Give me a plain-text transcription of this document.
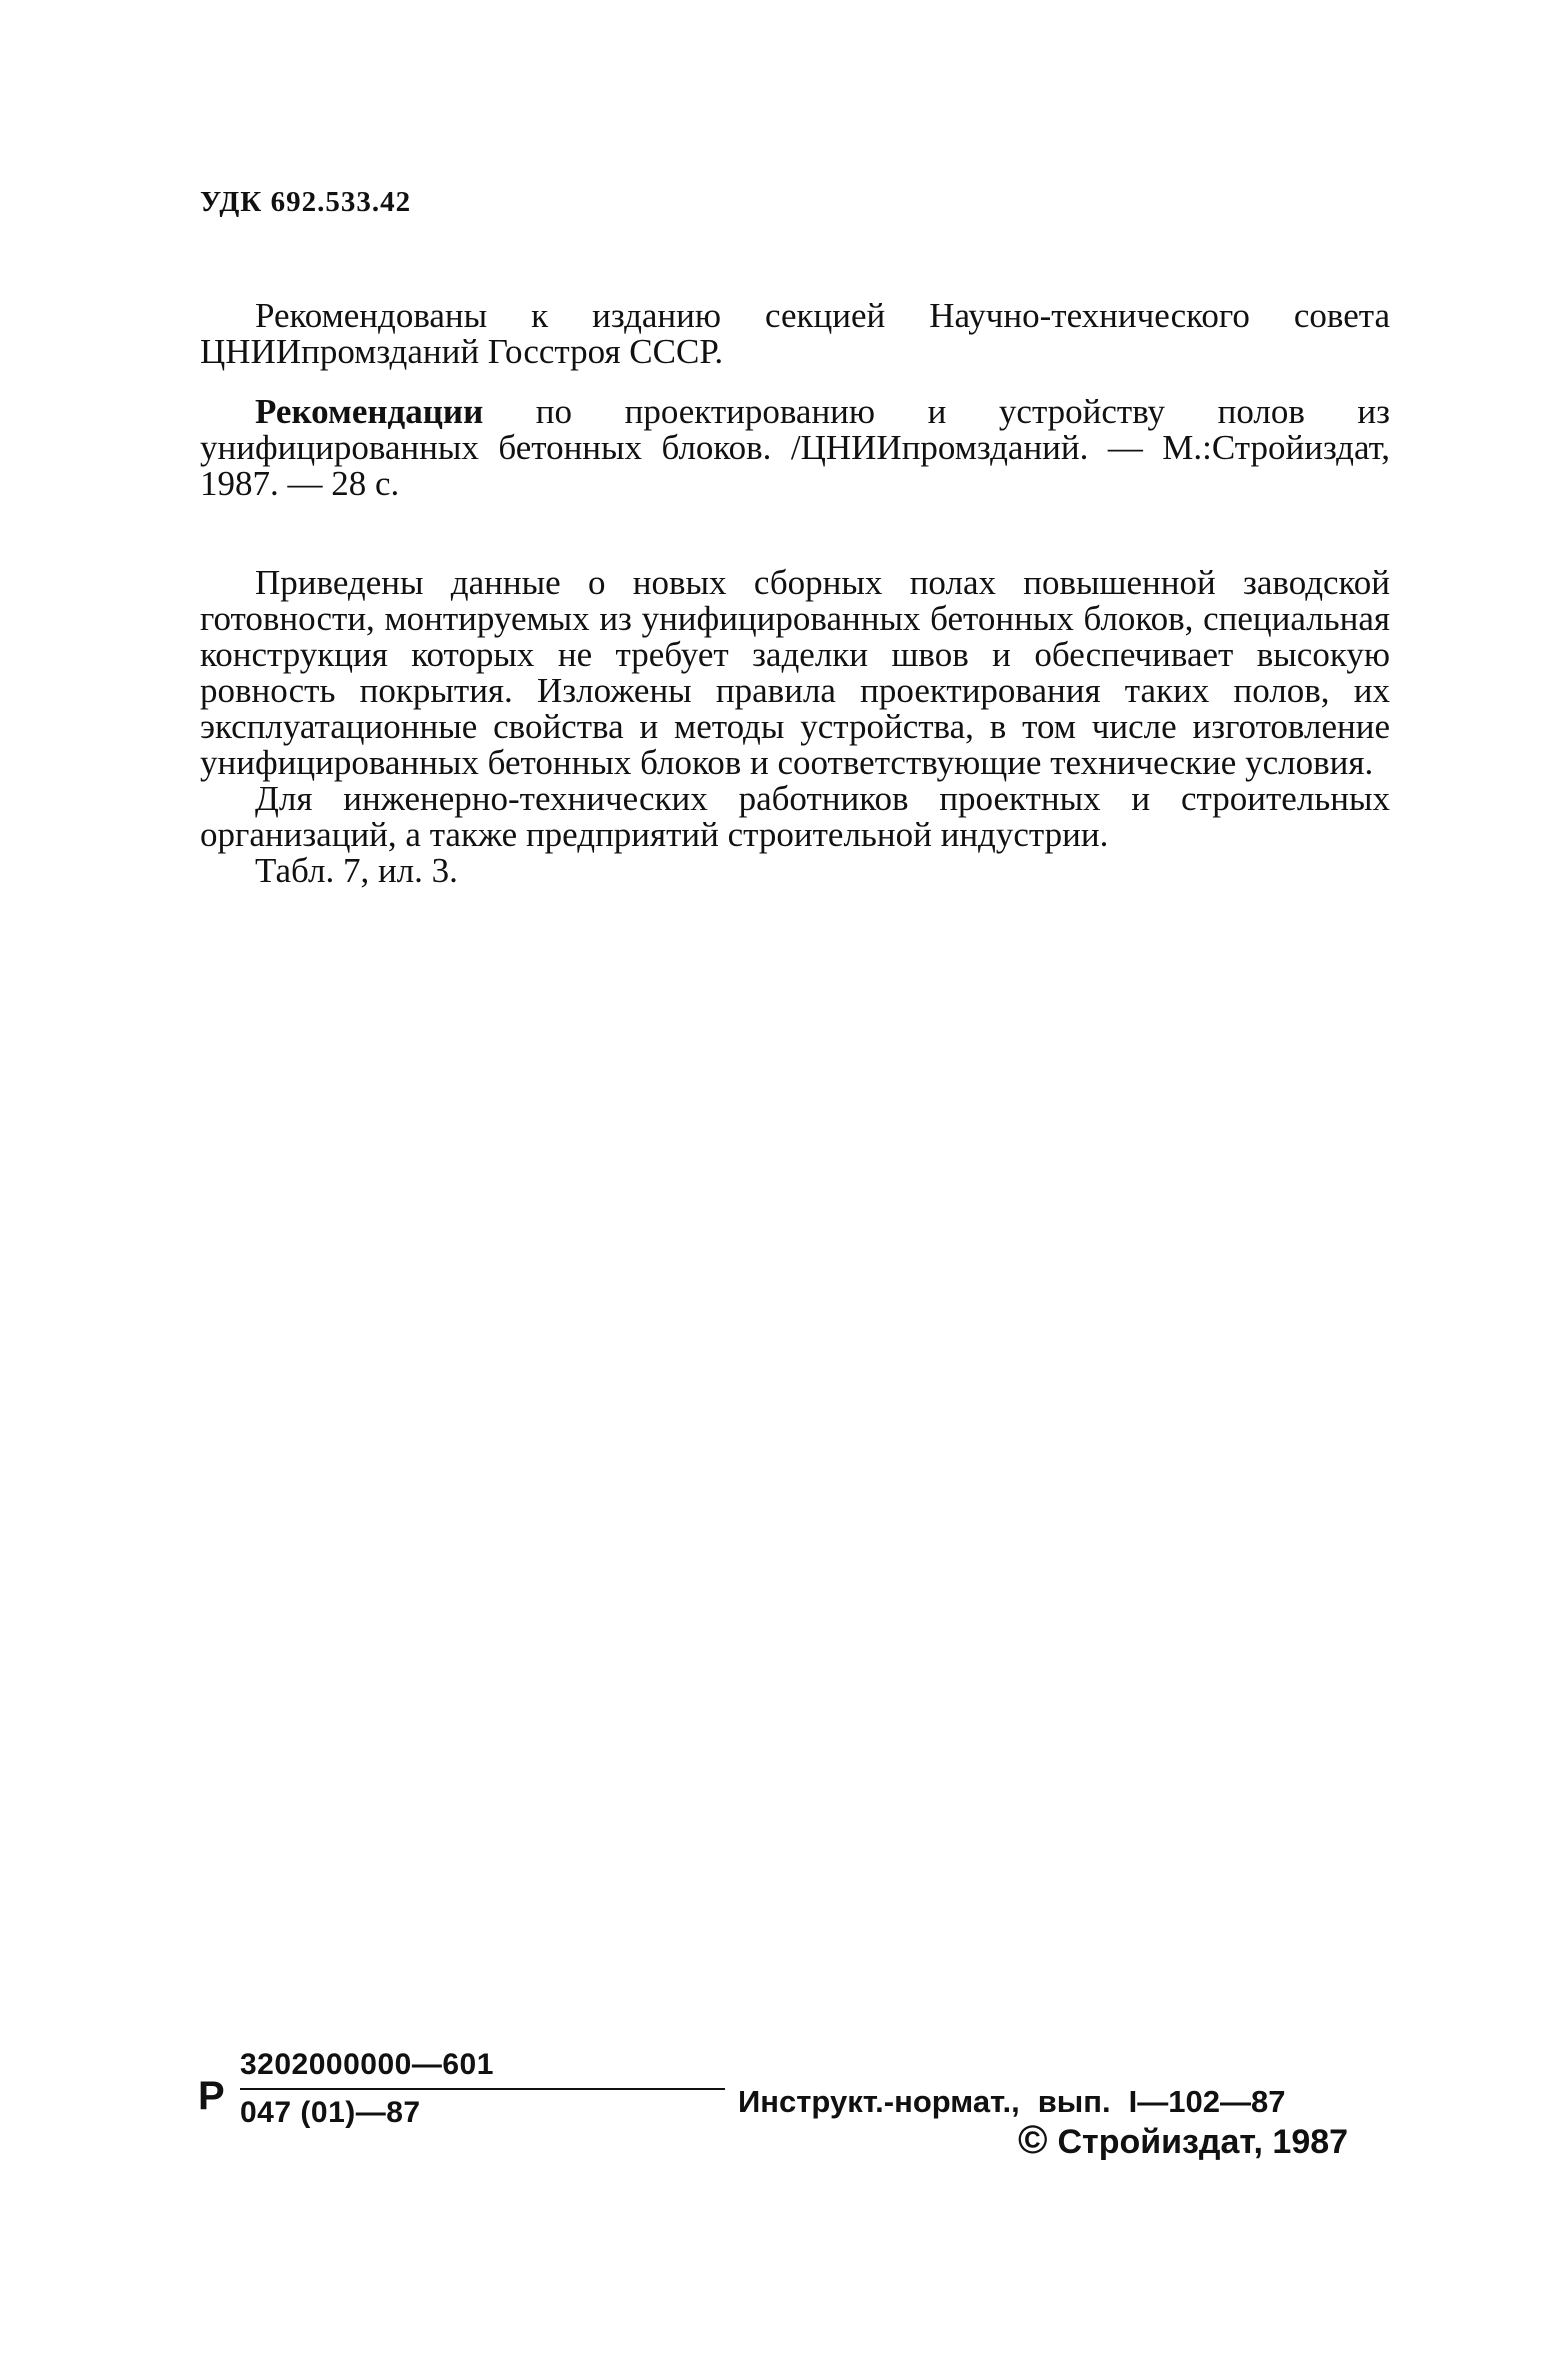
УДК 692.533.42

Рекомендованы к изданию секцией Научно-технического совета ЦНИИпромзданий Госстроя СССР.

Рекомендации по проектированию и устройству полов из унифицированных бетонных блоков. /ЦНИИпромзданий. — М.:Стройиздат, 1987. — 28 с.

Приведены данные о новых сборных полах повышенной заводской готовности, монтируемых из унифицированных бетонных блоков, специальная конструкция которых не требует заделки швов и обеспечивает высокую ровность покрытия. Изложены правила проектирования таких полов, их эксплуатационные свойства и методы устройства, в том числе изготовление унифицированных бетонных блоков и соответствующие технические условия.

Для инженерно-технических работников проектных и строительных организаций, а также предприятий строительной индустрии.

Табл. 7, ил. 3.

Р
3202000000—601
047 (01)—87	Инструкт.-нормат., вып. I—102—87
© Стройиздат, 1987
